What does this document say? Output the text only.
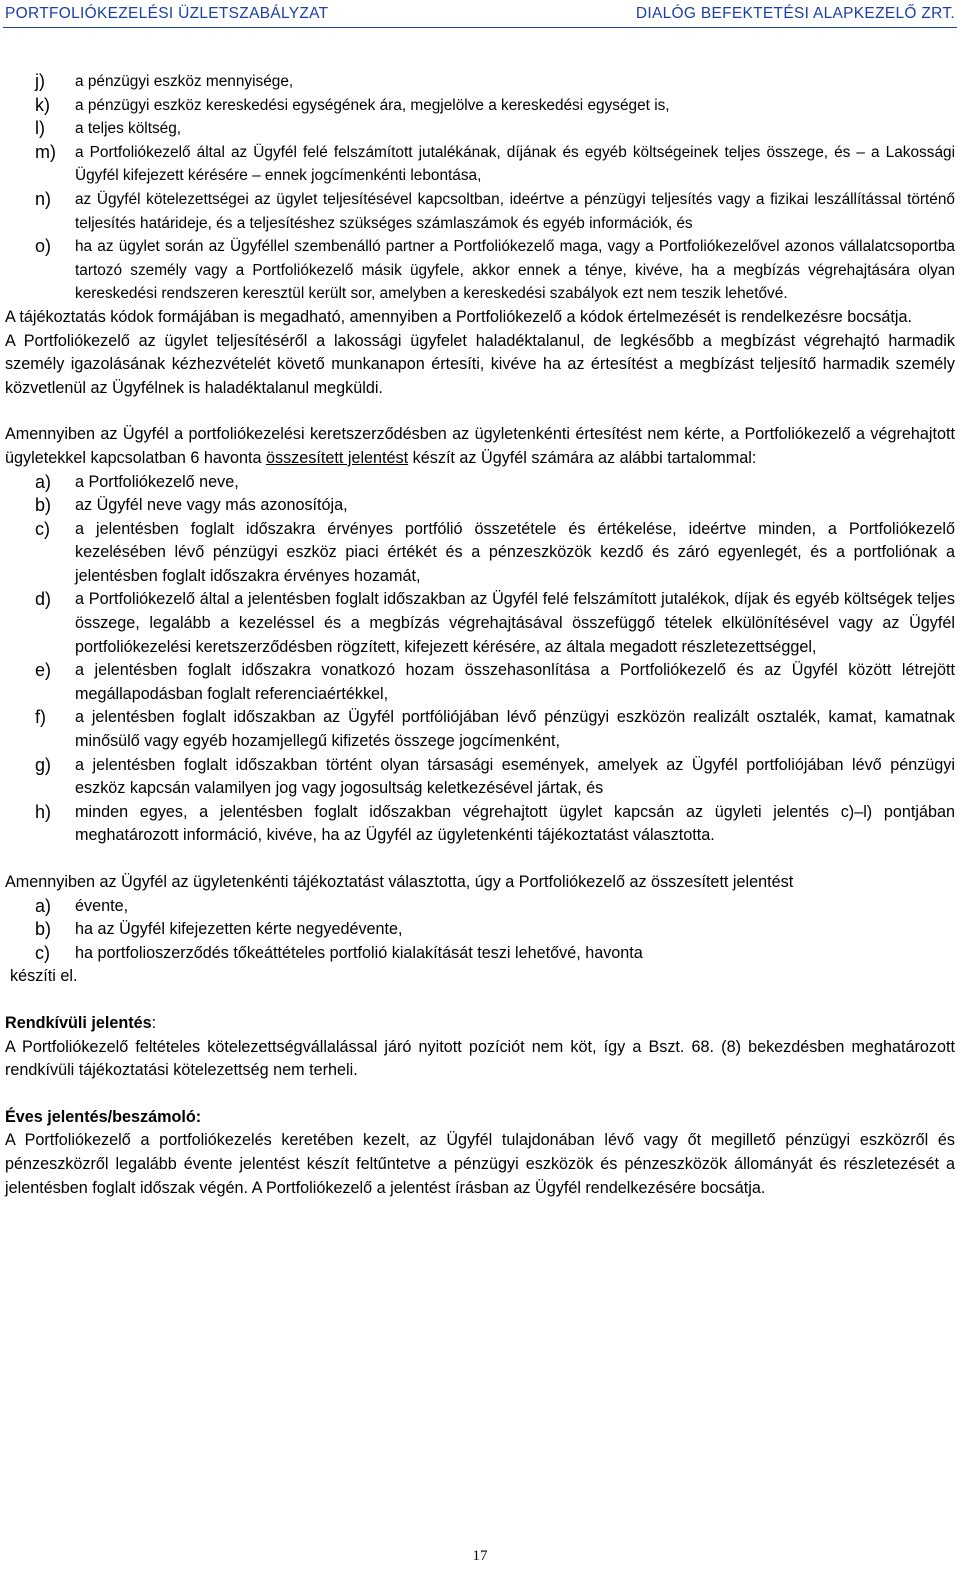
PORTFOLIÓKEZELÉSI ÜZLETSZABÁLYZAT	DIALÓG BEFEKTETÉSI ALAPKEZELŐ ZRT.
j) a pénzügyi eszköz mennyisége,
k) a pénzügyi eszköz kereskedési egységének ára, megjelölve a kereskedési egységet is,
l) a teljes költség,
m) a Portfoliókezelő által az Ügyfél felé felszámított jutalékának, díjának és egyéb költségeinek teljes összege, és – a Lakossági Ügyfél kifejezett kérésére – ennek jogcímenkénti lebontása,
n) az Ügyfél kötelezettségei az ügylet teljesítésével kapcsoltban, ideértve a pénzügyi teljesítés vagy a fizikai leszállítással történő teljesítés határideje, és a teljesítéshez szükséges számlaszámok és egyéb információk, és
o) ha az ügylet során az Ügyféllel szembenálló partner a Portfoliókezelő maga, vagy a Portfoliókezelővel azonos vállalatcsoportba tartozó személy vagy a Portfoliókezelő másik ügyfele, akkor ennek a ténye, kivéve, ha a megbízás végrehajtására olyan kereskedési rendszeren keresztül került sor, amelyben a kereskedési szabályok ezt nem teszik lehetővé.

A tájékoztatás kódok formájában is megadható, amennyiben a Portfoliókezelő a kódok értelmezését is rendelkezésre bocsátja.

A Portfoliókezelő az ügylet teljesítéséről a lakossági ügyfelet haladéktalanul, de legkésőbb a megbízást végrehajtó harmadik személy igazolásának kézhezvételét követő munkanapon értesíti, kivéve ha az értesítést a megbízást teljesítő harmadik személy közvetlenül az Ügyfélnek is haladéktalanul megküldi.

Amennyiben az Ügyfél a portfoliókezelési keretszerződésben az ügyletenkénti értesítést nem kérte, a Portfoliókezelő a végrehajtott ügyletekkel kapcsolatban 6 havonta összesített jelentést készít az Ügyfél számára az alábbi tartalommal:

a) a Portfoliókezelő neve,
b) az Ügyfél neve vagy más azonosítója,
c) a jelentésben foglalt időszakra érvényes portfólió összetétele és értékelése, ideértve minden, a Portfoliókezelő kezelésében lévő pénzügyi eszköz piaci értékét és a pénzeszközök kezdő és záró egyenlegét, és a portfoliónak a jelentésben foglalt időszakra érvényes hozamát,
d) a Portfoliókezelő által a jelentésben foglalt időszakban az Ügyfél felé felszámított jutalékok, díjak és egyéb költségek teljes összege, legalább a kezeléssel és a megbízás végrehajtásával összefüggő tételek elkülönítésével vagy az Ügyfél portfoliókezelési keretszerződésben rögzített, kifejezett kérésére, az általa megadott részletezettséggel,
e) a jelentésben foglalt időszakra vonatkozó hozam összehasonlítása a Portfoliókezelő és az Ügyfél között létrejött megállapodásban foglalt referenciaértékkel,
f) a jelentésben foglalt időszakban az Ügyfél portfóliójában lévő pénzügyi eszközön realizált osztalék, kamat, kamatnak minősülő vagy egyéb hozamjellegű kifizetés összege jogcímenként,
g) a jelentésben foglalt időszakban történt olyan társasági események, amelyek az Ügyfél portfoliójában lévő pénzügyi eszköz kapcsán valamilyen jog vagy jogosultság keletkezésével jártak, és
h) minden egyes, a jelentésben foglalt időszakban végrehajtott ügylet kapcsán az ügyleti jelentés c)–l) pontjában meghatározott információ, kivéve, ha az Ügyfél az ügyletenkénti tájékoztatást választotta.

Amennyiben az Ügyfél az ügyletenkénti tájékoztatást választotta, úgy a Portfoliókezelő az összesített jelentést

a) évente,
b) ha az Ügyfél kifejezetten kérte negyedévente,
c) ha portfolioszerződés tőkeáttételes portfolió kialakítását teszi lehetővé, havonta

készíti el.

Rendkívüli jelentés:

A Portfoliókezelő feltételes kötelezettségvállalással járó nyitott pozíciót nem köt, így a Bszt. 68. (8) bekezdésben meghatározott rendkívüli tájékoztatási kötelezettség nem terheli.

Éves jelentés/beszámoló:

A Portfoliókezelő a portfoliókezelés keretében kezelt, az Ügyfél tulajdonában lévő vagy őt megillető pénzügyi eszközről és pénzeszközről legalább évente jelentést készít feltűntetve a pénzügyi eszközök és pénzeszközök állományát és részletezését a jelentésben foglalt időszak végén. A Portfoliókezelő a jelentést írásban az Ügyfél rendelkezésére bocsátja.

17
